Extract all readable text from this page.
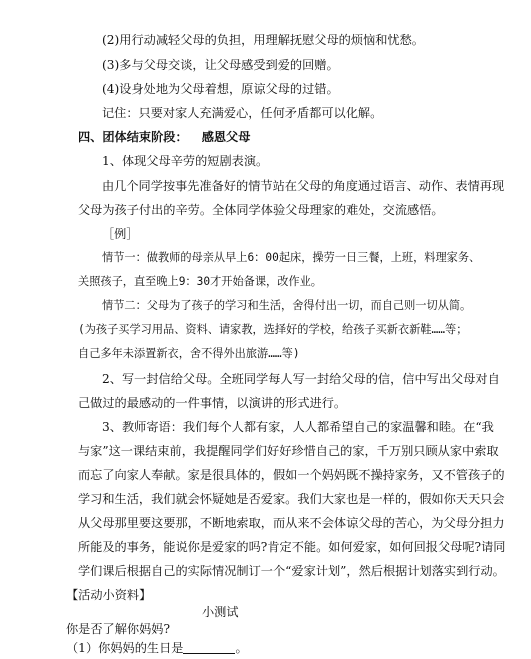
(2)用行动减轻父母的负担，用理解抚慰父母的烦恼和忧愁。
(3)多与父母交谈，让父母感受到爱的回赠。
(4)设身处地为父母着想，原谅父母的过错。
记住：只要对家人充满爱心，任何矛盾都可以化解。
四、团体结束阶段： 感恩父母
1、体现父母辛劳的短剧表演。
由几个同学按事先准备好的情节站在父母的角度通过语言、动作、表情再现
父母为孩子付出的辛劳。全体同学体验父母理家的难处，交流感悟。
［例］
情节一：做教师的母亲从早上6：00起床，操劳一日三餐，上班，料理家务、
关照孩子，直至晚上9：30才开始备课，改作业。
情节二：父母为了孩子的学习和生活，舍得付出一切，而自己则一切从简。
(为孩子买学习用品、资料、请家教，选择好的学校，给孩子买新衣新鞋……等；
自己多年未添置新衣，舍不得外出旅游……等)
2、写一封信给父母。全班同学每人写一封给父母的信，信中写出父母对自
己做过的最感动的一件事情，以演讲的形式进行。
3、教师寄语：我们每个人都有家，人人都希望自己的家温馨和睦。在“我
与家”这一课结束前，我提醒同学们好好珍惜自己的家，千万别只顾从家中索取
而忘了向家人奉献。家是很具体的，假如一个妈妈既不操持家务，又不管孩子的
学习和生活，我们就会怀疑她是否爱家。我们大家也是一样的，假如你天天只会
从父母那里要这要那，不断地索取，而从来不会体谅父母的苦心，为父母分担力
所能及的事务，能说你是爱家的吗?肯定不能。如何爱家，如何回报父母呢?请同
学们课后根据自己的实际情况制订一个“爱家计划”，然后根据计划落实到行动。
【活动小资料】
小测试
你是否了解你妈妈?
（1）你妈妈的生日是	。
